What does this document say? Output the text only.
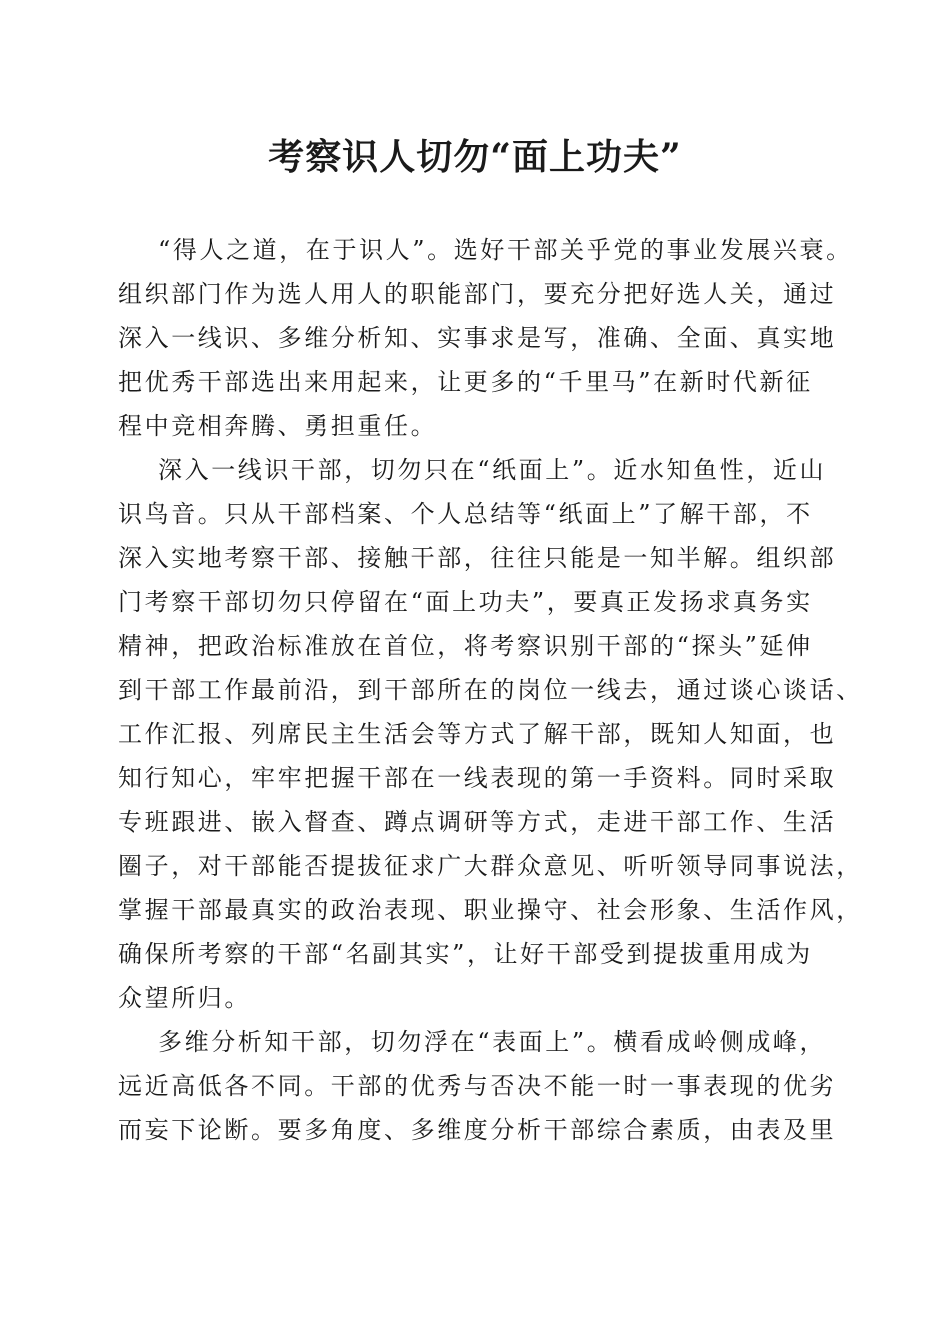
考察识人切勿“面上功夫”
“得人之道，在于识人”。选好干部关乎党的事业发展兴衰。
组织部门作为选人用人的职能部门，要充分把好选人关，通过
深入一线识、多维分析知、实事求是写，准确、全面、真实地
把优秀干部选出来用起来，让更多的“千里马”在新时代新征
程中竞相奔腾、勇担重任。
深入一线识干部，切勿只在“纸面上”。近水知鱼性，近山
识鸟音。只从干部档案、个人总结等“纸面上”了解干部，不
深入实地考察干部、接触干部，往往只能是一知半解。组织部
门考察干部切勿只停留在“面上功夫”，要真正发扬求真务实
精神，把政治标准放在首位，将考察识别干部的“探头”延伸
到干部工作最前沿，到干部所在的岗位一线去，通过谈心谈话、
工作汇报、列席民主生活会等方式了解干部，既知人知面，也
知行知心，牢牢把握干部在一线表现的第一手资料。同时采取
专班跟进、嵌入督查、蹲点调研等方式，走进干部工作、生活
圈子，对干部能否提拔征求广大群众意见、听听领导同事说法，
掌握干部最真实的政治表现、职业操守、社会形象、生活作风，
确保所考察的干部“名副其实”，让好干部受到提拔重用成为
众望所归。
多维分析知干部，切勿浮在“表面上”。横看成岭侧成峰，
远近高低各不同。干部的优秀与否决不能一时一事表现的优劣
而妄下论断。要多角度、多维度分析干部综合素质，由表及里
